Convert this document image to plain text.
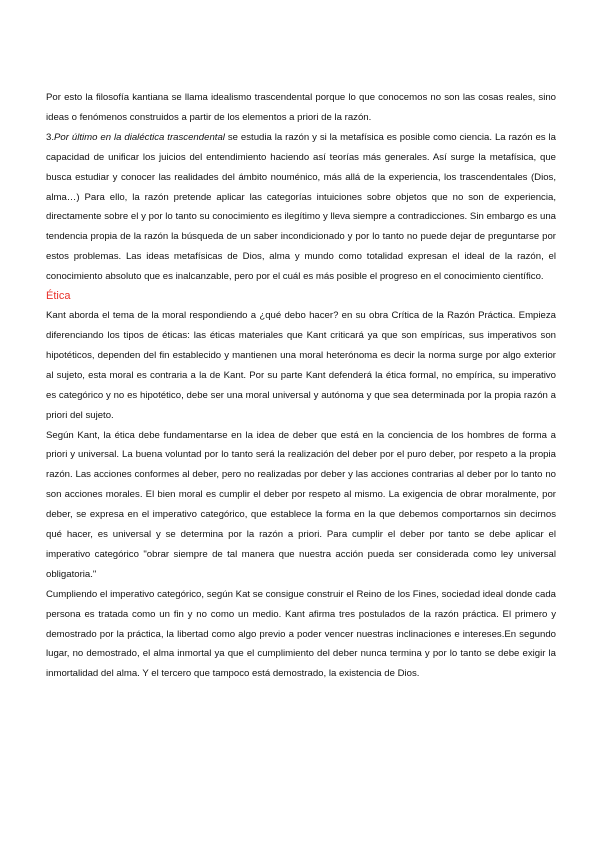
Por esto la filosofía kantiana se llama idealismo trascendental porque lo que conocemos no son las cosas reales, sino ideas o fenómenos construidos a partir de los elementos a priori de la razón.

3.Por último en la dialéctica trascendental se estudia la razón y si la metafísica es posible como ciencia. La razón es la capacidad de unificar los juicios del entendimiento haciendo así teorías más generales. Así surge la metafísica, que busca estudiar y conocer las realidades del ámbito nouménico, más allá de la experiencia, los trascendentales (Dios, alma…) Para ello, la razón pretende aplicar las categorías intuiciones sobre objetos que no son de experiencia, directamente sobre el y por lo tanto su conocimiento es ilegítimo y lleva siempre a contradicciones. Sin embargo es una tendencia propia de la razón la búsqueda de un saber incondicionado y por lo tanto no puede dejar de preguntarse por estos problemas. Las ideas metafísicas de Dios, alma y mundo como totalidad expresan el ideal de la razón, el conocimiento absoluto que es inalcanzable, pero por el cuál es más posible el progreso en el conocimiento científico.

Ética

Kant aborda el tema de la moral respondiendo a ¿qué debo hacer? en su obra Crítica de la Razón Práctica. Empieza diferenciando los tipos de éticas: las éticas materiales que Kant criticará ya que son empíricas, sus imperativos son hipotéticos, dependen del fin establecido y mantienen una moral heterónoma es decir la norma surge por algo exterior al sujeto, esta moral es contraria a la de Kant. Por su parte Kant defenderá la ética formal, no empírica, su imperativo es categórico y no es hipotético, debe ser una moral universal y autónoma y que sea determinada por la propia razón a priori del sujeto.

Según Kant, la ética debe fundamentarse en la idea de deber que está en la conciencia de los hombres de forma a priori y universal. La buena voluntad por lo tanto será la realización del deber por el puro deber, por respeto a la propia razón. Las acciones conformes al deber, pero no realizadas por deber y las acciones contrarias al deber por lo tanto no son acciones morales. El bien moral es cumplir el deber por respeto al mismo. La exigencia de obrar moralmente, por deber, se expresa en el imperativo categórico, que establece la forma en la que debemos comportarnos sin decirnos qué hacer, es universal y se determina por la razón a priori. Para cumplir el deber por tanto se debe aplicar el imperativo categórico "obrar siempre de tal manera que nuestra acción pueda ser considerada como ley universal obligatoria."

Cumpliendo el imperativo categórico, según Kat se consigue construir el Reino de los Fines, sociedad ideal donde cada persona es tratada como un fin y no como un medio. Kant afirma tres postulados de la razón práctica. El primero y demostrado por la práctica, la libertad como algo previo a poder vencer nuestras inclinaciones e intereses.En segundo lugar, no demostrado, el alma inmortal ya que el cumplimiento del deber nunca termina y por lo tanto se debe exigir la inmortalidad del alma. Y el tercero que tampoco está demostrado, la existencia de Dios.
